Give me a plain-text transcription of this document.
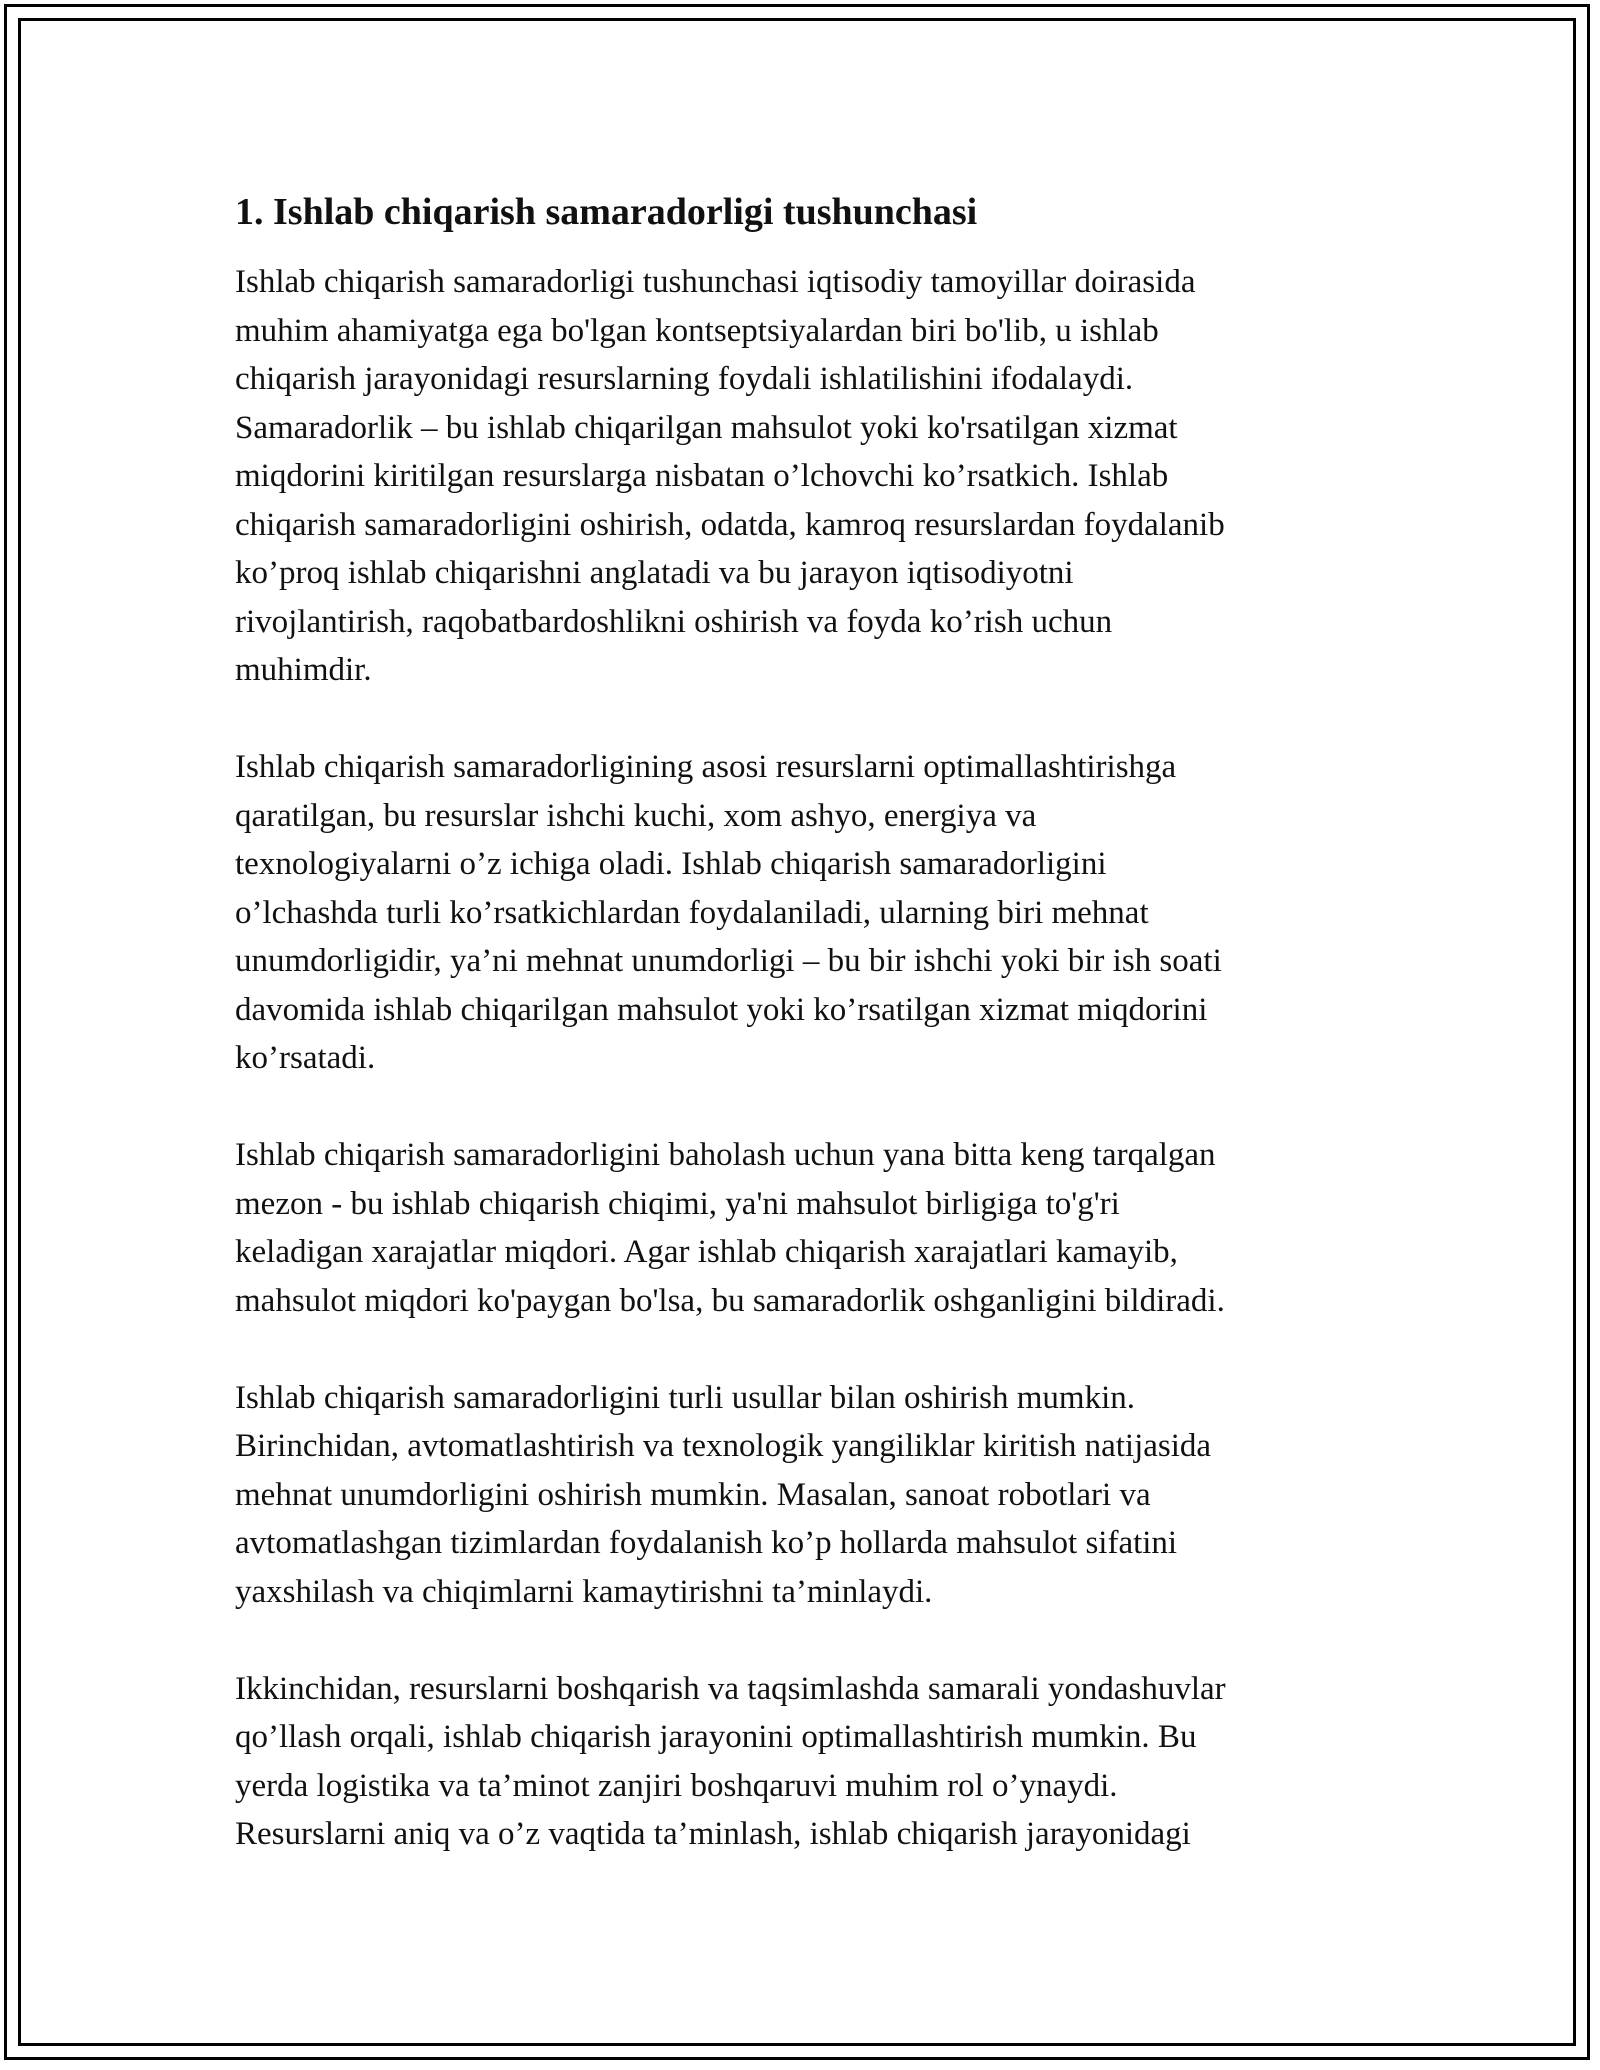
1. Ishlab chiqarish samaradorligi tushunchasi

Ishlab chiqarish samaradorligi tushunchasi iqtisodiy tamoyillar doirasida
muhim ahamiyatga ega bo'lgan kontseptsiyalardan biri bo'lib, u ishlab
chiqarish jarayonidagi resurslarning foydali ishlatilishini ifodalaydi.
Samaradorlik – bu ishlab chiqarilgan mahsulot yoki ko'rsatilgan xizmat
miqdorini kiritilgan resurslarga nisbatan o’lchovchi ko’rsatkich. Ishlab
chiqarish samaradorligini oshirish, odatda, kamroq resurslardan foydalanib
ko’proq ishlab chiqarishni anglatadi va bu jarayon iqtisodiyotni
rivojlantirish, raqobatbardoshlikni oshirish va foyda ko’rish uchun
muhimdir.

Ishlab chiqarish samaradorligining asosi resurslarni optimallashtirishga
qaratilgan, bu resurslar ishchi kuchi, xom ashyo, energiya va
texnologiyalarni o’z ichiga oladi. Ishlab chiqarish samaradorligini
o’lchashda turli ko’rsatkichlardan foydalaniladi, ularning biri mehnat
unumdorligidir, ya’ni mehnat unumdorligi – bu bir ishchi yoki bir ish soati
davomida ishlab chiqarilgan mahsulot yoki ko’rsatilgan xizmat miqdorini
ko’rsatadi.

Ishlab chiqarish samaradorligini baholash uchun yana bitta keng tarqalgan
mezon - bu ishlab chiqarish chiqimi, ya'ni mahsulot birligiga to'g'ri
keladigan xarajatlar miqdori. Agar ishlab chiqarish xarajatlari kamayib,
mahsulot miqdori ko'paygan bo'lsa, bu samaradorlik oshganligini bildiradi.

Ishlab chiqarish samaradorligini turli usullar bilan oshirish mumkin.
Birinchidan, avtomatlashtirish va texnologik yangiliklar kiritish natijasida
mehnat unumdorligini oshirish mumkin. Masalan, sanoat robotlari va
avtomatlashgan tizimlardan foydalanish ko’p hollarda mahsulot sifatini
yaxshilash va chiqimlarni kamaytirishni ta’minlaydi.

Ikkinchidan, resurslarni boshqarish va taqsimlashda samarali yondashuvlar
qo’llash orqali, ishlab chiqarish jarayonini optimallashtirish mumkin. Bu
yerda logistika va ta’minot zanjiri boshqaruvi muhim rol o’ynaydi.
Resurslarni aniq va o’z vaqtida ta’minlash, ishlab chiqarish jarayonidagi
